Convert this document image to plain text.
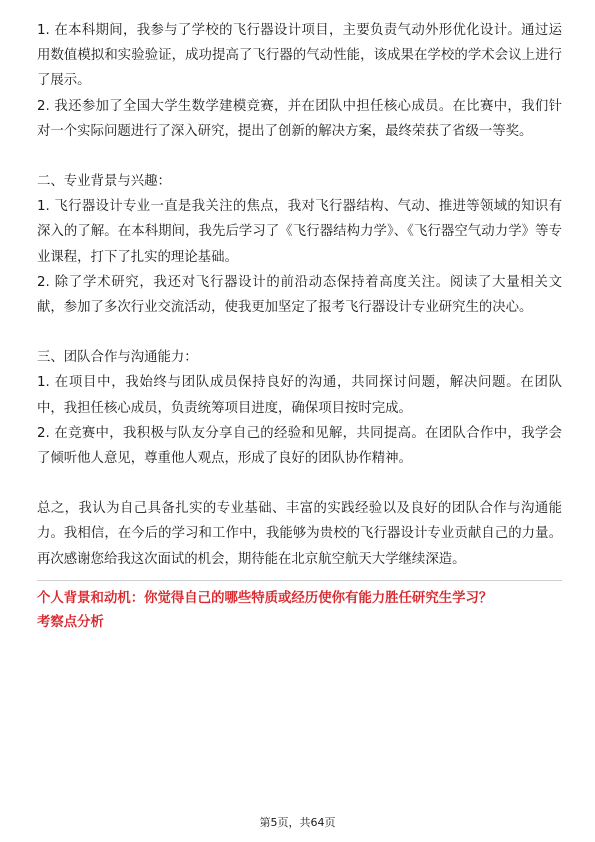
1. 在本科期间，我参与了学校的飞行器设计项目，主要负责气动外形优化设计。通过运用数值模拟和实验验证，成功提高了飞行器的气动性能，该成果在学校的学术会议上进行了展示。

2. 我还参加了全国大学生数学建模竞赛，并在团队中担任核心成员。在比赛中，我们针对一个实际问题进行了深入研究，提出了创新的解决方案，最终荣获了省级一等奖。

二、专业背景与兴趣：

1. 飞行器设计专业一直是我关注的焦点，我对飞行器结构、气动、推进等领域的知识有深入的了解。在本科期间，我先后学习了《飞行器结构力学》、《飞行器空气动力学》等专业课程，打下了扎实的理论基础。

2. 除了学术研究，我还对飞行器设计的前沿动态保持着高度关注。阅读了大量相关文献，参加了多次行业交流活动，使我更加坚定了报考飞行器设计专业研究生的决心。

三、团队合作与沟通能力：

1. 在项目中，我始终与团队成员保持良好的沟通，共同探讨问题，解决问题。在团队中，我担任核心成员，负责统筹项目进度，确保项目按时完成。

2. 在竞赛中，我积极与队友分享自己的经验和见解，共同提高。在团队合作中，我学会了倾听他人意见，尊重他人观点，形成了良好的团队协作精神。

总之，我认为自己具备扎实的专业基础、丰富的实践经验以及良好的团队合作与沟通能力。我相信，在今后的学习和工作中，我能够为贵校的飞行器设计专业贡献自己的力量。再次感谢您给我这次面试的机会，期待能在北京航空航天大学继续深造。

个人背景和动机：你觉得自己的哪些特质或经历使你有能力胜任研究生学习？

考察点分析

第5页，共64页
